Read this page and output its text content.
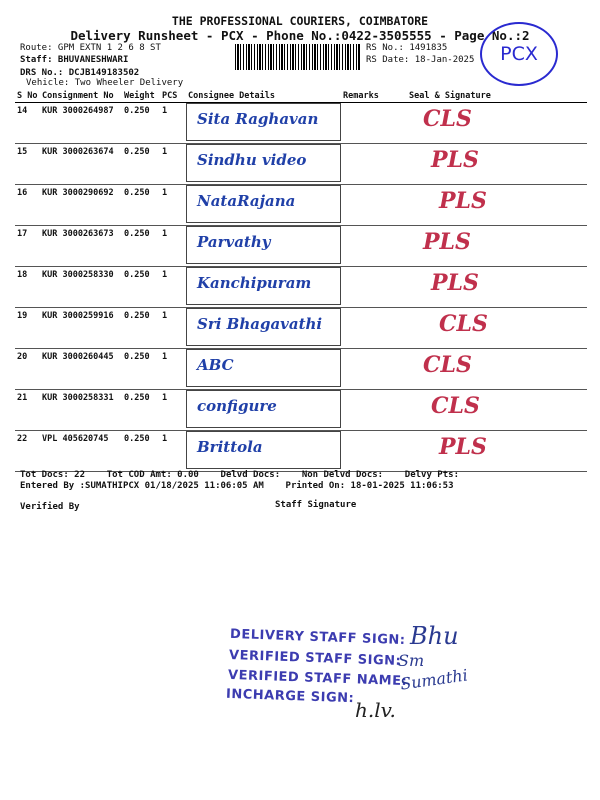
THE PROFESSIONAL COURIERS, COIMBATORE
Delivery Runsheet - PCX - Phone No.:0422-3505555 - Page No.:2
Route: GPM EXTN 1 2 6 8 ST
Staff: BHUVANESHWARI
DRS No.: DCJB149183502
Vehicle: Two Wheeler Delivery
RS No.: 1491835
RS Date: 18-Jan-2025 PCX
S No	Consignment No	Weight	PCS	Consignee Details	Remarks	Seal & Signature
14	KUR 3000264987	0.250	1	Sita Raghavan		CLS
15	KUR 3000263674	0.250	1	Sindhu video		PLS
16	KUR 3000290692	0.250	1	NataRajana		PLS
17	KUR 3000263673	0.250	1	Parvathy		PLS
18	KUR 3000258330	0.250	1	Kanchipuram		PLS
19	KUR 3000259916	0.250	1	Sri Bhagavathi		CLS
20	KUR 3000260445	0.250	1	ABC		CLS
21	KUR 3000258331	0.250	1	configure		CLS
22	VPL 405620745	0.250	1	Brittola		PLS
Tot Docs: 22 Tot COD Amt: 0.00 Delvd Docs: Non Delvd Docs: Delvy Pts:
Entered By :SUMATHIPCX 01/18/2025 11:06:05 AM Printed On: 18-01-2025 11:06:53
Verified By	Staff Signature
DELIVERY STAFF SIGN:
VERIFIED STAFF SIGN:
VERIFIED STAFF NAME:
INCHARGE SIGN:
Bhu
Sm
Sumathi
h.lv.
